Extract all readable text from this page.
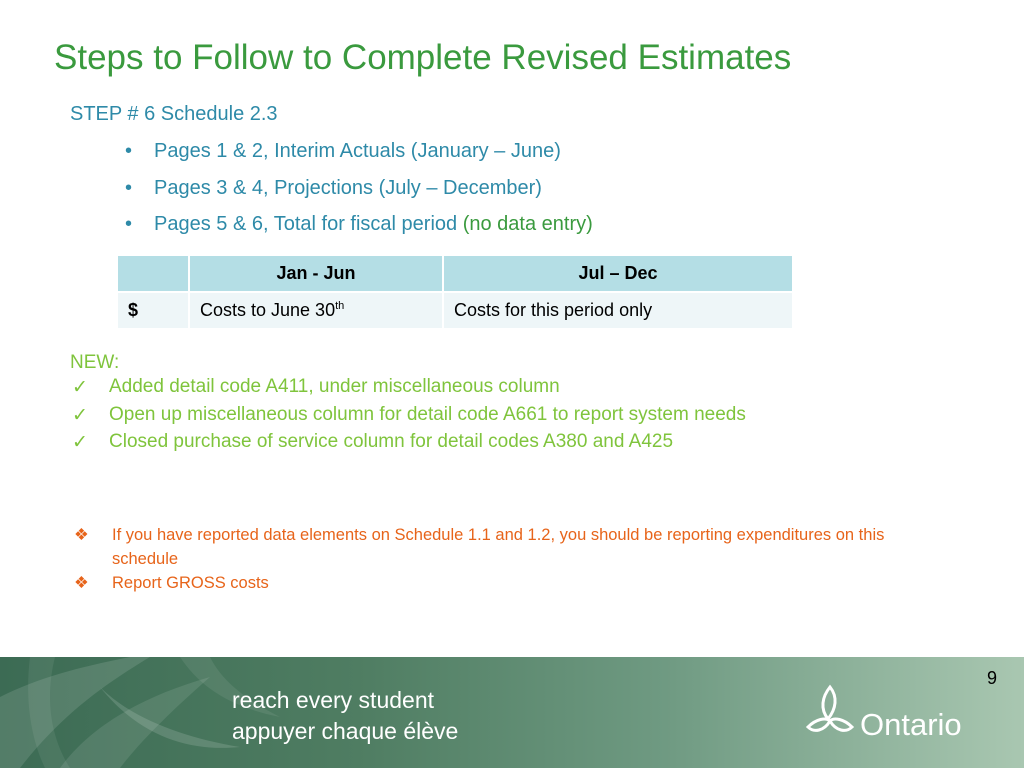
Steps to Follow to Complete Revised Estimates
STEP # 6 Schedule 2.3
• Pages 1 & 2, Interim Actuals (January – June)
• Pages 3 & 4, Projections (July – December)
• Pages 5 & 6, Total for fiscal period (no data entry)
	Jan - Jun	Jul – Dec
$	Costs to June 30th	Costs for this period only
NEW:
✓ Added detail code A411, under miscellaneous column
✓ Open up miscellaneous column for detail code A661 to report system needs
✓ Closed purchase of service column for detail codes A380 and A425
❖ If you have reported data elements on Schedule 1.1 and 1.2, you should be reporting expenditures on this schedule
❖ Report GROSS costs
reach every student
appuyer chaque élève	Ontario
9
